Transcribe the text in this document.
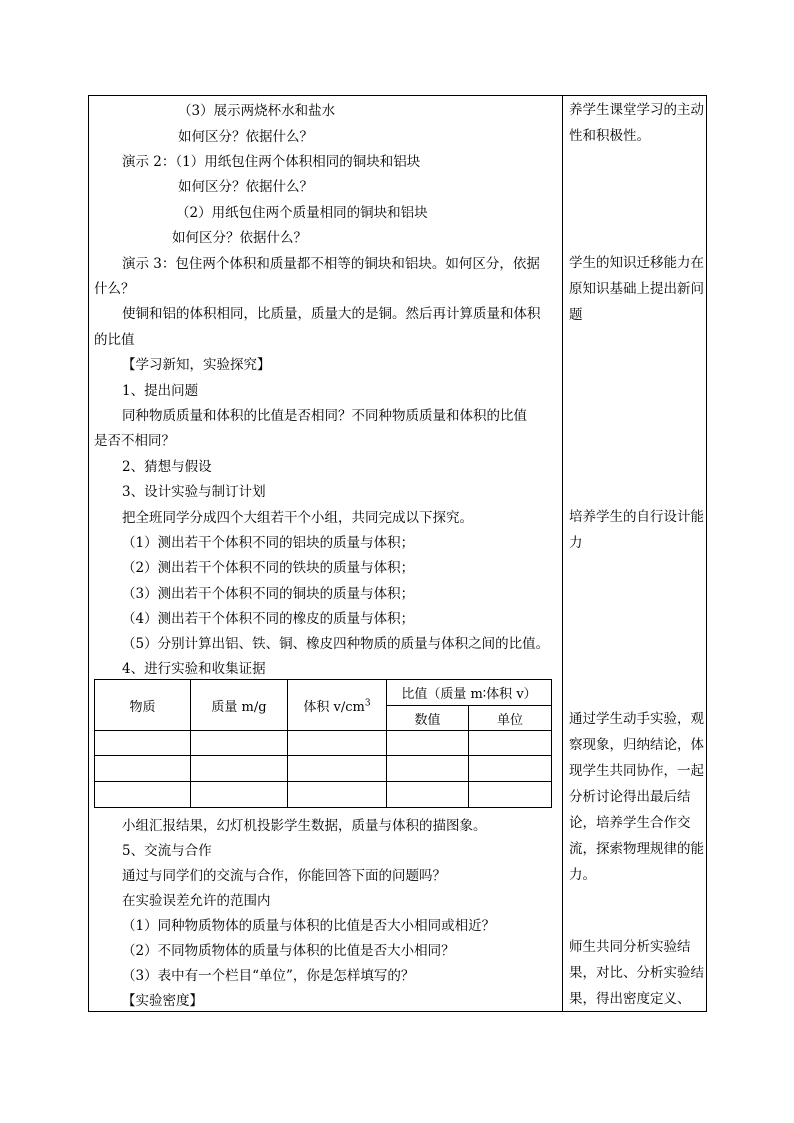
（3）展示两烧杯水和盐水
如何区分？依据什么？
演示 2：（1）用纸包住两个体积相同的铜块和铝块
如何区分？依据什么？
（2）用纸包住两个质量相同的铜块和铝块
如何区分？依据什么？
演示 3：包住两个体积和质量都不相等的铜块和铝块。如何区分，依据
什么？
使铜和铝的体积相同，比质量，质量大的是铜。然后再计算质量和体积
的比值
【学习新知，实验探究】
1、提出问题
同种物质质量和体积的比值是否相同？不同种物质质量和体积的比值
是否不相同？
2、猜想与假设
3、设计实验与制订计划
把全班同学分成四个大组若干个小组，共同完成以下探究。
（1）测出若干个体积不同的铝块的质量与体积；
（2）测出若干个体积不同的铁块的质量与体积；
（3）测出若干个体积不同的铜块的质量与体积；
（4）测出若干个体积不同的橡皮的质量与体积；
（5）分别计算出铝、铁、铜、橡皮四种物质的质量与体积之间的比值。
4、进行实验和收集证据
物质	质量 m/g	体积 $v/cm^3$	比值（质量 m∶体积 v）	
			数值	单位

小组汇报结果，幻灯机投影学生数据，质量与体积的描图象。
5、交流与合作
通过与同学们的交流与合作，你能回答下面的问题吗？
在实验误差允许的范围内
（1）同种物质物体的质量与体积的比值是否大小相同或相近？
（2）不同物质物体的质量与体积的比值是否大小相同？
（3）表中有一个栏目“单位”，你是怎样填写的？
【实验密度】
养学生课堂学习的主动性和积极性。
学生的知识迁移能力在原知识基础上提出新问题
培养学生的自行设计能力
通过学生动手实验，观察现象，归纳结论，体现学生共同协作，一起分析讨论得出最后结论，培养学生合作交流，探索物理规律的能力。
师生共同分析实验结果，对比、分析实验结果，得出密度定义、
